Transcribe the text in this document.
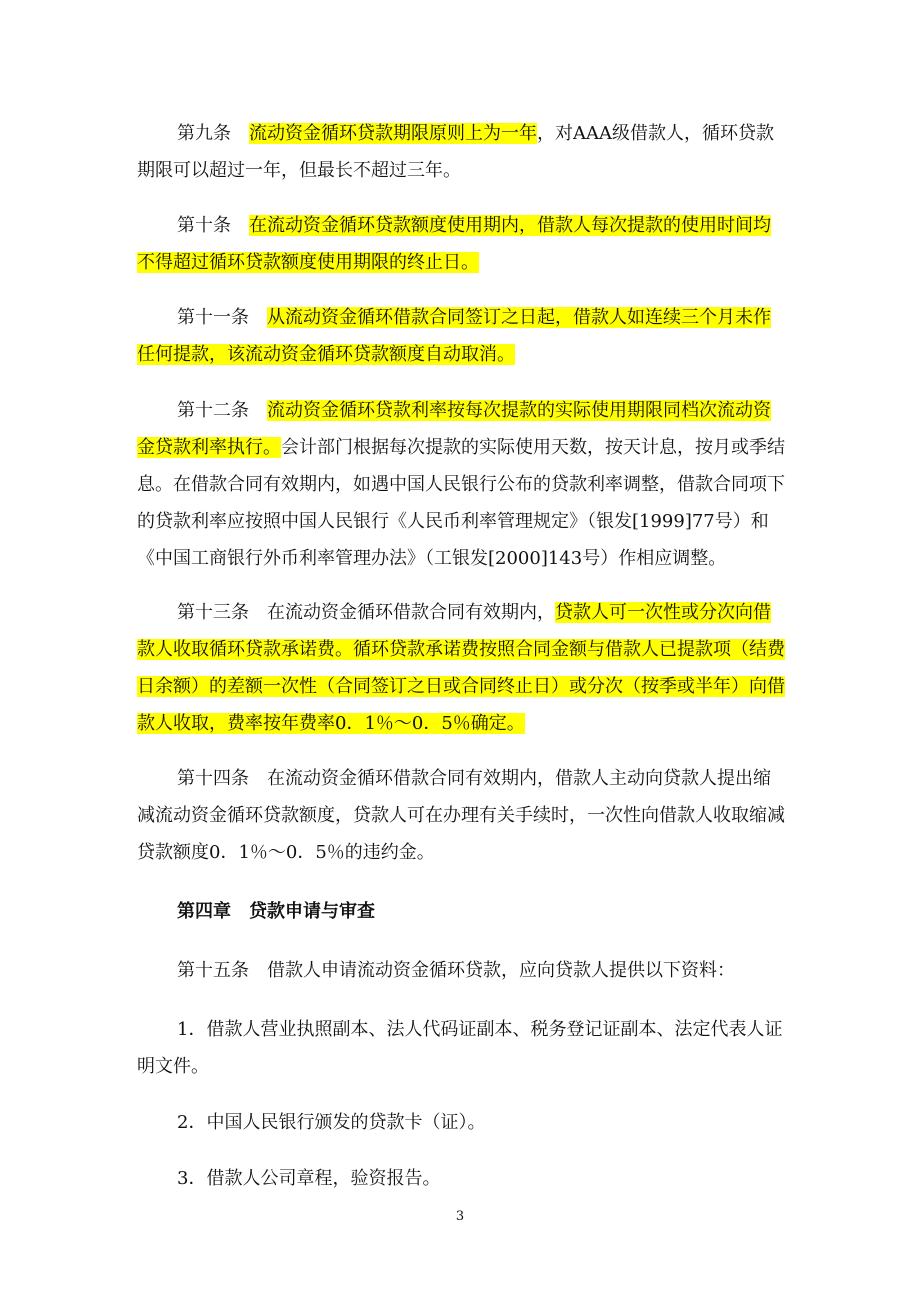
第九条　流动资金循环贷款期限原则上为一年，对AAA级借款人，循环贷款期限可以超过一年，但最长不超过三年。

第十条　在流动资金循环贷款额度使用期内，借款人每次提款的使用时间均不得超过循环贷款额度使用期限的终止日。

第十一条　从流动资金循环借款合同签订之日起，借款人如连续三个月未作任何提款，该流动资金循环贷款额度自动取消。

第十二条　流动资金循环贷款利率按每次提款的实际使用期限同档次流动资金贷款利率执行。会计部门根据每次提款的实际使用天数，按天计息，按月或季结息。在借款合同有效期内，如遇中国人民银行公布的贷款利率调整，借款合同项下的贷款利率应按照中国人民银行《人民币利率管理规定》（银发[1999]77号）和《中国工商银行外币利率管理办法》（工银发[2000]143号）作相应调整。

第十三条　在流动资金循环借款合同有效期内，贷款人可一次性或分次向借款人收取循环贷款承诺费。循环贷款承诺费按照合同金额与借款人已提款项（结费日余额）的差额一次性（合同签订之日或合同终止日）或分次（按季或半年）向借款人收取，费率按年费率0．1％～0．5％确定。

第十四条　在流动资金循环借款合同有效期内，借款人主动向贷款人提出缩减流动资金循环贷款额度，贷款人可在办理有关手续时，一次性向借款人收取缩减贷款额度0．1％～0．5％的违约金。

第四章　贷款申请与审查

第十五条　借款人申请流动资金循环贷款，应向贷款人提供以下资料：

1．借款人营业执照副本、法人代码证副本、税务登记证副本、法定代表人证明文件。

2．中国人民银行颁发的贷款卡（证）。

3．借款人公司章程，验资报告。

3
